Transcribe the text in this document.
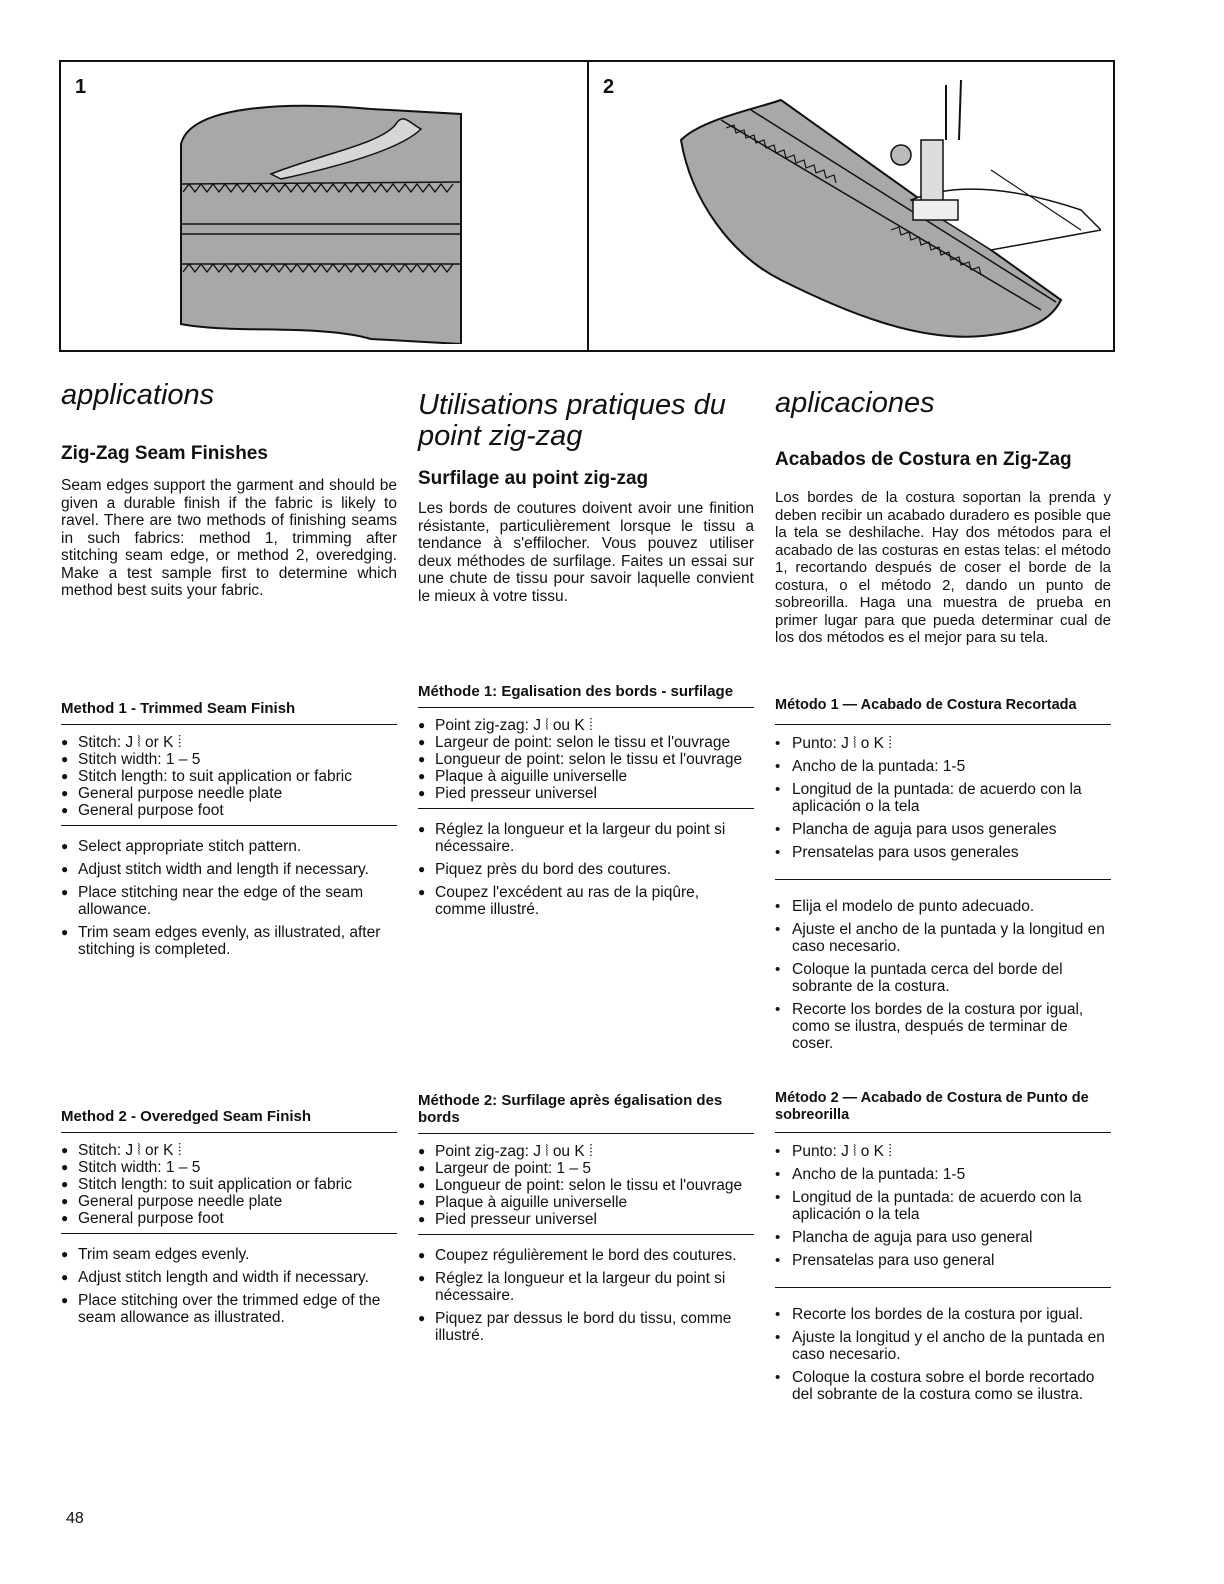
1	2
applications
Zig-Zag Seam Finishes

Seam edges support the garment and should be given a durable finish if the fabric is likely to ravel. There are two methods of finishing seams in such fabrics: method 1, trimming after stitching seam edge, or method 2, overedging. Make a test sample first to determine which method best suits your fabric.

Method 1 - Trimmed Seam Finish
● Stitch: J ⦚ or K ⦙
● Stitch width: 1 – 5
● Stitch length: to suit application or fabric
● General purpose needle plate
● General purpose foot
● Select appropriate stitch pattern.
● Adjust stitch width and length if necessary.
● Place stitching near the edge of the seam allowance.
● Trim seam edges evenly, as illustrated, after stitching is completed.
Method 2 - Overedged Seam Finish
● Stitch: J ⦚ or K ⦙
● Stitch width: 1 – 5
● Stitch length: to suit application or fabric
● General purpose needle plate
● General purpose foot
● Trim seam edges evenly.
● Adjust stitch length and width if necessary.
● Place stitching over the trimmed edge of the seam allowance as illustrated.
Utilisations pratiques du point zig-zag
Surfilage au point zig-zag

Les bords de coutures doivent avoir une finition résistante, particulièrement lorsque le tissu a tendance à s'effilocher. Vous pouvez utiliser deux méthodes de surfilage. Faites un essai sur une chute de tissu pour savoir laquelle convient le mieux à votre tissu.

Méthode 1: Egalisation des bords - surfilage
● Point zig-zag: J ⦚ ou K ⦙
● Largeur de point: selon le tissu et l'ouvrage
● Longueur de point: selon le tissu et l'ouvrage
● Plaque à aiguille universelle
● Pied presseur universel
● Réglez la longueur et la largeur du point si nécessaire.
● Piquez près du bord des coutures.
● Coupez l'excédent au ras de la piqûre, comme illustré.
Méthode 2: Surfilage après égalisation des bords
● Point zig-zag: J ⦚ ou K ⦙
● Largeur de point: 1 – 5
● Longueur de point: selon le tissu et l'ouvrage
● Plaque à aiguille universelle
● Pied presseur universel
● Coupez régulièrement le bord des coutures.
● Réglez la longueur et la largeur du point si nécessaire.
● Piquez par dessus le bord du tissu, comme illustré.
aplicaciones
Acabados de Costura en Zig-Zag

Los bordes de la costura soportan la prenda y deben recibir un acabado duradero es posible que la tela se deshilache. Hay dos métodos para el acabado de las costuras en estas telas: el método 1, recortando después de coser el borde de la costura, o el método 2, dando un punto de sobreorilla. Haga una muestra de prueba en primer lugar para que pueda determinar cual de los dos métodos es el mejor para su tela.

Método 1 — Acabado de Costura Recortada
• Punto: J ⦚ o K ⦙
• Ancho de la puntada: 1-5
• Longitud de la puntada: de acuerdo con la aplicación o la tela
• Plancha de aguja para usos generales
• Prensatelas para usos generales
• Elija el modelo de punto adecuado.
• Ajuste el ancho de la puntada y la longitud en caso necesario.
• Coloque la puntada cerca del borde del sobrante de la costura.
• Recorte los bordes de la costura por igual, como se ilustra, después de terminar de coser.
Método 2 — Acabado de Costura de Punto de sobreorilla
• Punto: J ⦚ o K ⦙
• Ancho de la puntada: 1-5
• Longitud de la puntada: de acuerdo con la aplicación o la tela
• Plancha de aguja para uso general
• Prensatelas para uso general
• Recorte los bordes de la costura por igual.
• Ajuste la longitud y el ancho de la puntada en caso necesario.
• Coloque la costura sobre el borde recortado del sobrante de la costura como se ilustra.
48
